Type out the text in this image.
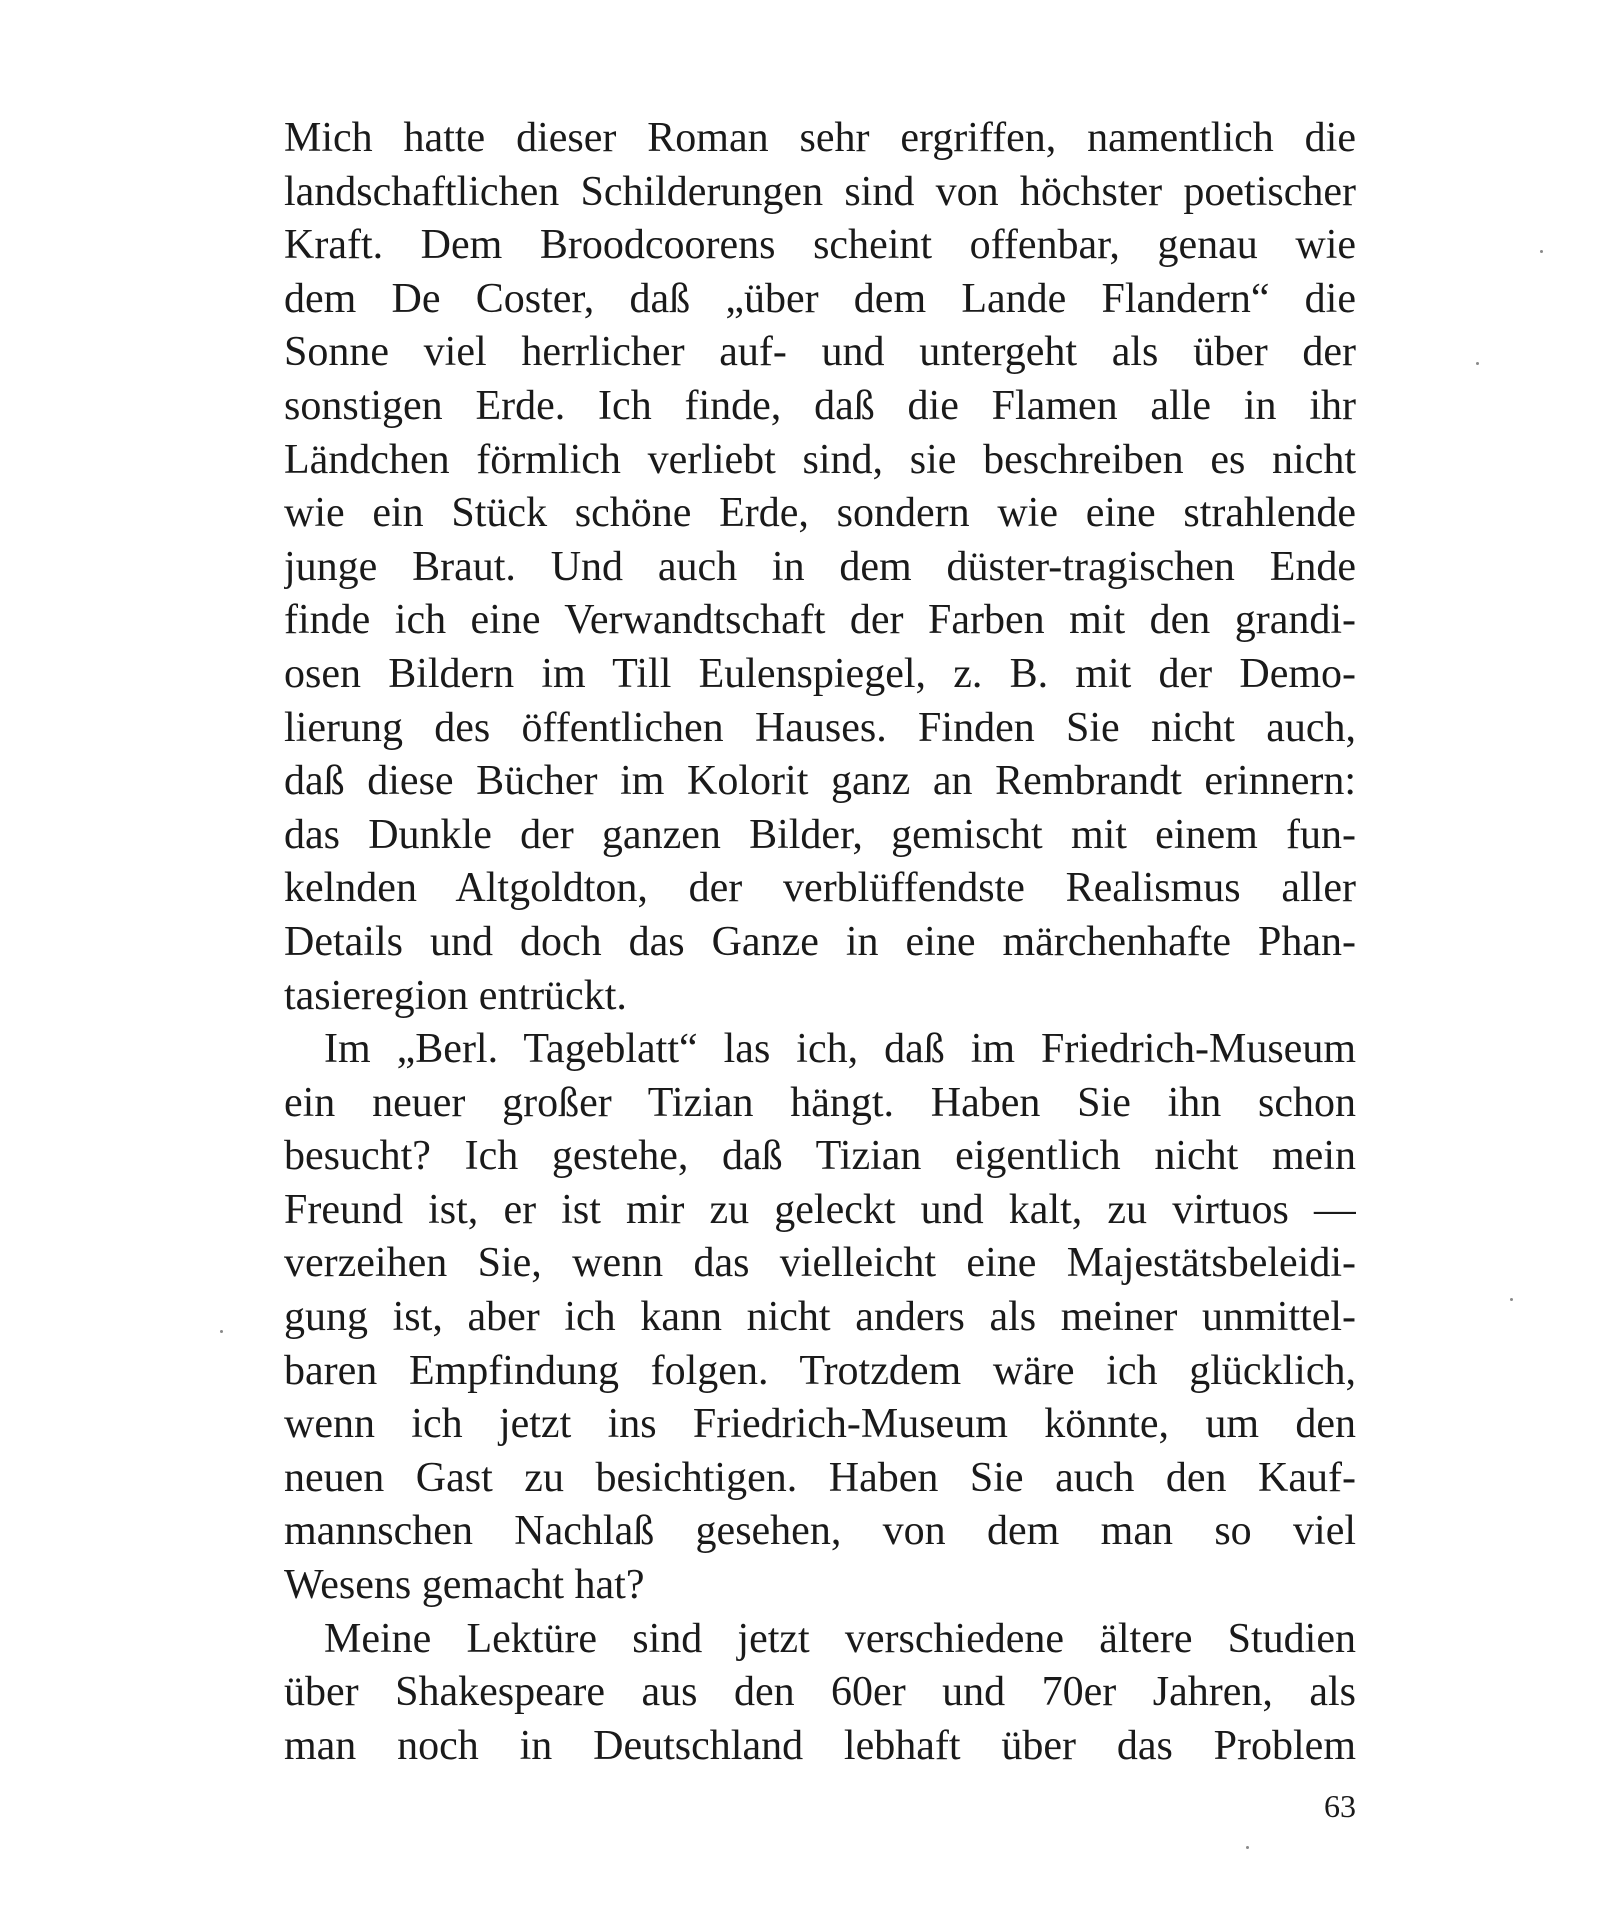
Mich hatte dieser Roman sehr ergriffen, namentlich die
landschaftlichen Schilderungen sind von höchster poetischer
Kraft. Dem Broodcoorens scheint offenbar, genau wie
dem De Coster, daß „über dem Lande Flandern“ die
Sonne viel herrlicher auf- und untergeht als über der
sonstigen Erde. Ich finde, daß die Flamen alle in ihr
Ländchen förmlich verliebt sind, sie beschreiben es nicht
wie ein Stück schöne Erde, sondern wie eine strahlende
junge Braut. Und auch in dem düster-tragischen Ende
finde ich eine Verwandtschaft der Farben mit den grandi-
osen Bildern im Till Eulenspiegel, z. B. mit der Demo-
lierung des öffentlichen Hauses. Finden Sie nicht auch,
daß diese Bücher im Kolorit ganz an Rembrandt erinnern:
das Dunkle der ganzen Bilder, gemischt mit einem fun-
kelnden Altgoldton, der verblüffendste Realismus aller
Details und doch das Ganze in eine märchenhafte Phan-
tasieregion entrückt.
Im „Berl. Tageblatt“ las ich, daß im Friedrich-Museum
ein neuer großer Tizian hängt. Haben Sie ihn schon
besucht? Ich gestehe, daß Tizian eigentlich nicht mein
Freund ist, er ist mir zu geleckt und kalt, zu virtuos —
verzeihen Sie, wenn das vielleicht eine Majestätsbeleidi-
gung ist, aber ich kann nicht anders als meiner unmittel-
baren Empfindung folgen. Trotzdem wäre ich glücklich,
wenn ich jetzt ins Friedrich-Museum könnte, um den
neuen Gast zu besichtigen. Haben Sie auch den Kauf-
mannschen Nachlaß gesehen, von dem man so viel
Wesens gemacht hat?
Meine Lektüre sind jetzt verschiedene ältere Studien
über Shakespeare aus den 60er und 70er Jahren, als
man noch in Deutschland lebhaft über das Problem
63
